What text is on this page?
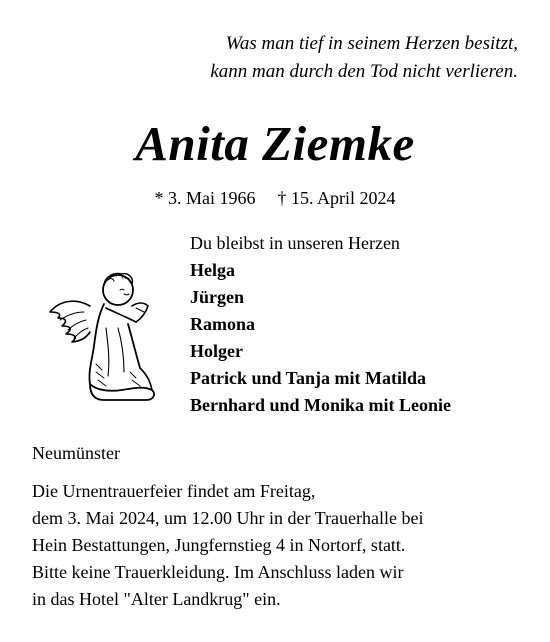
Was man tief in seinem Herzen besitzt,
kann man durch den Tod nicht verlieren.
Anita Ziemke
* 3. Mai 1966 † 15. April 2024
Du bleibst in unseren Herzen
Helga
Jürgen
Ramona
Holger
Patrick und Tanja mit Matilda
Bernhard und Monika mit Leonie
Neumünster
Die Urnentrauerfeier findet am Freitag,
dem 3. Mai 2024, um 12.00 Uhr in der Trauerhalle bei
Hein Bestattungen, Jungfernstieg 4 in Nortorf, statt.
Bitte keine Trauerkleidung. Im Anschluss laden wir
in das Hotel "Alter Landkrug" ein.
